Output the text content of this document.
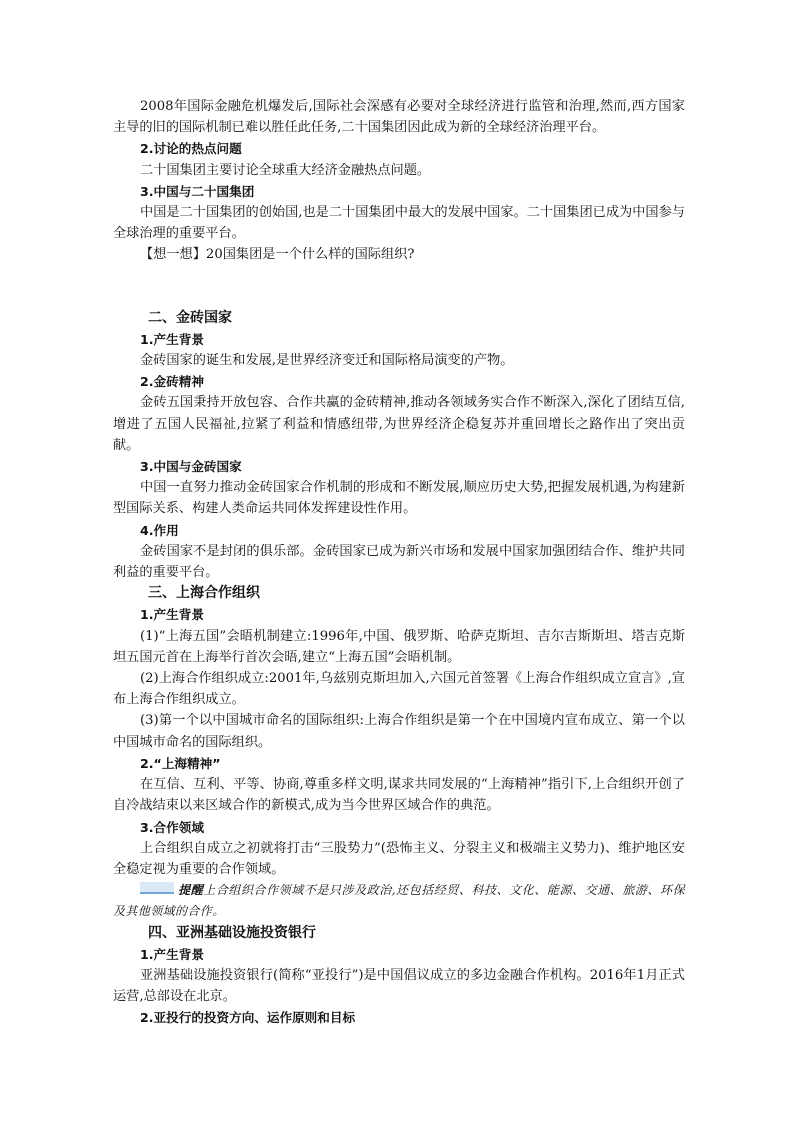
2008年国际金融危机爆发后,国际社会深感有必要对全球经济进行监管和治理,然而,西方国家主导的旧的国际机制已难以胜任此任务,二十国集团因此成为新的全球经济治理平台。

2.讨论的热点问题

二十国集团主要讨论全球重大经济金融热点问题。

3.中国与二十国集团

中国是二十国集团的创始国,也是二十国集团中最大的发展中国家。二十国集团已成为中国参与全球治理的重要平台。

【想一想】20国集团是一个什么样的国际组织?

二、金砖国家

1.产生背景

金砖国家的诞生和发展,是世界经济变迁和国际格局演变的产物。

2.金砖精神

金砖五国秉持开放包容、合作共赢的金砖精神,推动各领域务实合作不断深入,深化了团结互信,增进了五国人民福祉,拉紧了利益和情感纽带,为世界经济企稳复苏并重回增长之路作出了突出贡献。

3.中国与金砖国家

中国一直努力推动金砖国家合作机制的形成和不断发展,顺应历史大势,把握发展机遇,为构建新型国际关系、构建人类命运共同体发挥建设性作用。

4.作用

金砖国家不是封闭的俱乐部。金砖国家已成为新兴市场和发展中国家加强团结合作、维护共同利益的重要平台。

三、上海合作组织

1.产生背景

(1)“上海五国”会晤机制建立:1996年,中国、俄罗斯、哈萨克斯坦、吉尔吉斯斯坦、塔吉克斯坦五国元首在上海举行首次会晤,建立“上海五国”会晤机制。

(2)上海合作组织成立:2001年,乌兹别克斯坦加入,六国元首签署《上海合作组织成立宣言》,宣布上海合作组织成立。

(3)第一个以中国城市命名的国际组织:上海合作组织是第一个在中国境内宣布成立、第一个以中国城市命名的国际组织。

2.“上海精神”

在互信、互利、平等、协商,尊重多样文明,谋求共同发展的“上海精神”指引下,上合组织开创了自冷战结束以来区域合作的新模式,成为当今世界区域合作的典范。

3.合作领域

上合组织自成立之初就将打击“三股势力”(恐怖主义、分裂主义和极端主义势力)、维护地区安全稳定视为重要的合作领域。

提醒上合组织合作领域不是只涉及政治,还包括经贸、科技、文化、能源、交通、旅游、环保及其他领域的合作。

四、亚洲基础设施投资银行

1.产生背景

亚洲基础设施投资银行(简称“亚投行”)是中国倡议成立的多边金融合作机构。2016年1月正式运营,总部设在北京。

2.亚投行的投资方向、运作原则和目标
